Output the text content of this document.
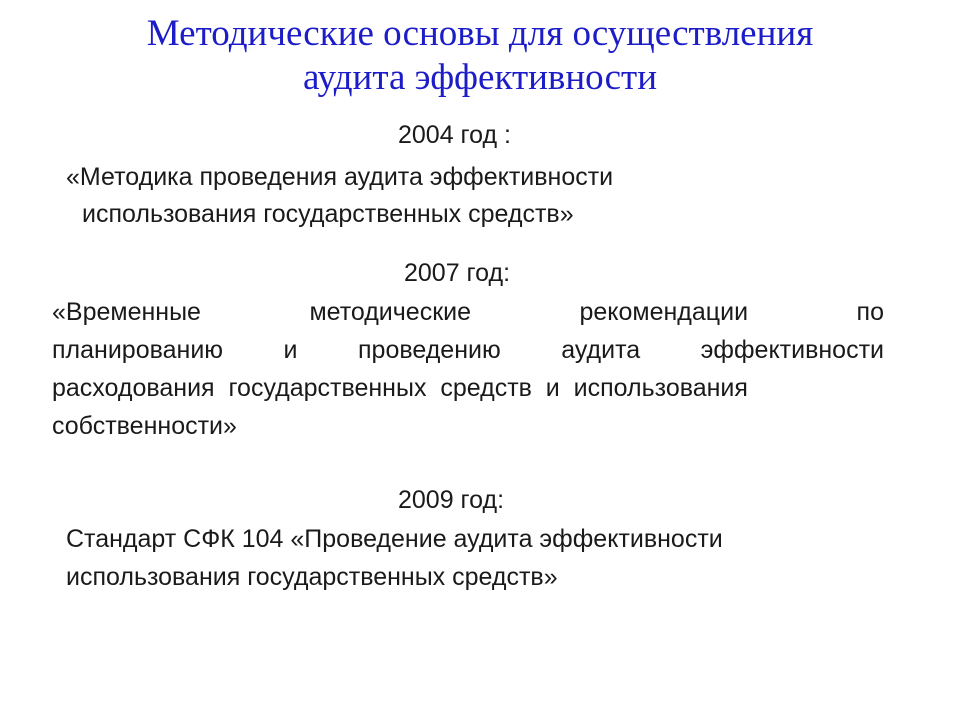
Методические основы для осуществления
аудита эффективности
2004 год :
«Методика проведения аудита эффективности
использования государственных средств»
2007 год:
«Временные	методические	рекомендации	по
планированию и проведению аудита эффективности
расходования  государственных  средств  и  использования
собственности»
2009 год:
Стандарт СФК 104 «Проведение аудита эффективности
использования государственных средств»
